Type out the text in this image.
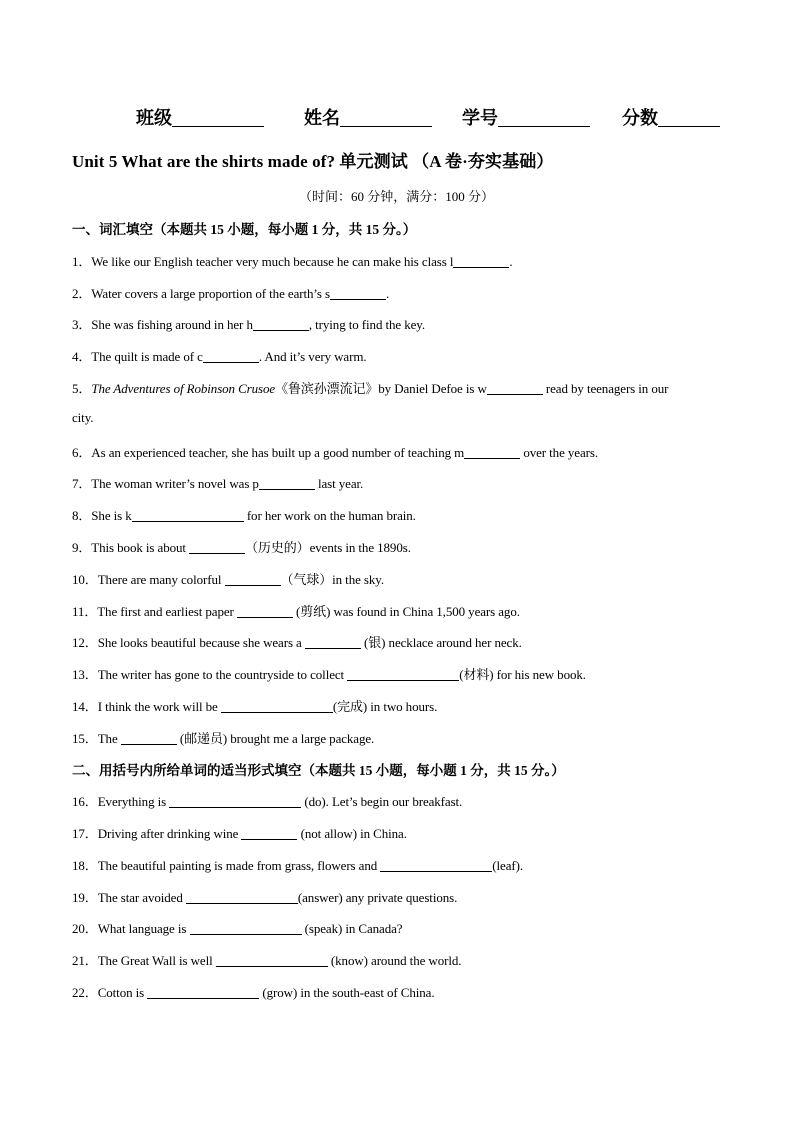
班级	姓名	学号	分数
Unit 5 What are the shirts made of? 单元测试 （A 卷·夯实基础）
（时间：60 分钟，满分：100 分）
一、词汇填空（本题共 15 小题，每小题 1 分，共 15 分。）
1．We like our English teacher very much because he can make his class l	.
2．Water covers a large proportion of the earth’s s	.
3．She was fishing around in her h	, trying to find the key.
4．The quilt is made of c	. And it’s very warm.
5．The Adventures of Robinson Crusoe《鲁滨孙漂流记》by Daniel Defoe is w	read by teenagers in our
city.
6．As an experienced teacher, she has built up a good number of teaching m	over the years.
7．The woman writer’s novel was p	last year.
8．She is k	for her work on the human brain.
9．This book is about	（历史的）events in the 1890s.
10．There are many colorful	（气球）in the sky.
11．The first and earliest paper	(剪纸) was found in China 1,500 years ago.
12．She looks beautiful because she wears a	(银) necklace around her neck.
13．The writer has gone to the countryside to collect	(材料) for his new book.
14．I think the work will be	(完成) in two hours.
15．The	(邮递员) brought me a large package.
二、用括号内所给单词的适当形式填空（本题共 15 小题，每小题 1 分，共 15 分。）
16．Everything is	(do). Let’s begin our breakfast.
17．Driving after drinking wine	(not allow) in China.
18．The beautiful painting is made from grass, flowers and	(leaf).
19．The star avoided	(answer) any private questions.
20．What language is	(speak) in Canada?
21．The Great Wall is well	(know) around the world.
22．Cotton is	(grow) in the south-east of China.
